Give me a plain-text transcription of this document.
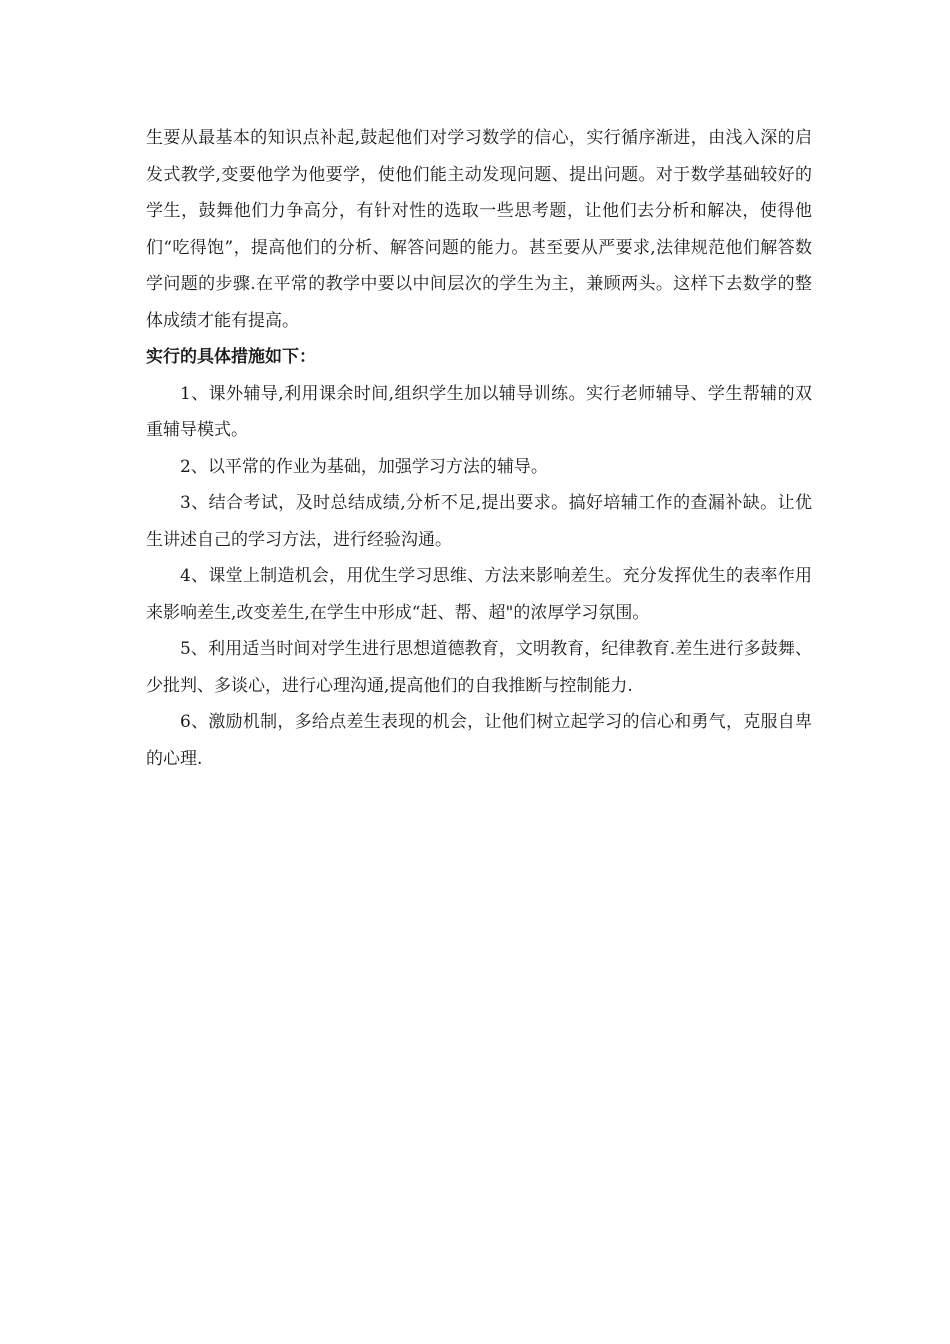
生要从最基本的知识点补起,鼓起他们对学习数学的信心，实行循序渐进，由浅入深的启发式教学,变要他学为他要学，使他们能主动发现问题、提出问题。对于数学基础较好的学生，鼓舞他们力争高分，有针对性的选取一些思考题，让他们去分析和解决，使得他们“吃得饱”，提高他们的分析、解答问题的能力。甚至要从严要求,法律规范他们解答数学问题的步骤.在平常的教学中要以中间层次的学生为主，兼顾两头。这样下去数学的整体成绩才能有提高。

实行的具体措施如下：

1、课外辅导,利用课余时间,组织学生加以辅导训练。实行老师辅导、学生帮辅的双重辅导模式。

2、以平常的作业为基础，加强学习方法的辅导。

3、结合考试，及时总结成绩,分析不足,提出要求。搞好培辅工作的查漏补缺。让优生讲述自己的学习方法，进行经验沟通。

4、课堂上制造机会，用优生学习思维、方法来影响差生。充分发挥优生的表率作用来影响差生,改变差生,在学生中形成“赶、帮、超"的浓厚学习氛围。

5、利用适当时间对学生进行思想道德教育，文明教育，纪律教育.差生进行多鼓舞、少批判、多谈心，进行心理沟通,提高他们的自我推断与控制能力.

6、激励机制，多给点差生表现的机会，让他们树立起学习的信心和勇气，克服自卑的心理.
